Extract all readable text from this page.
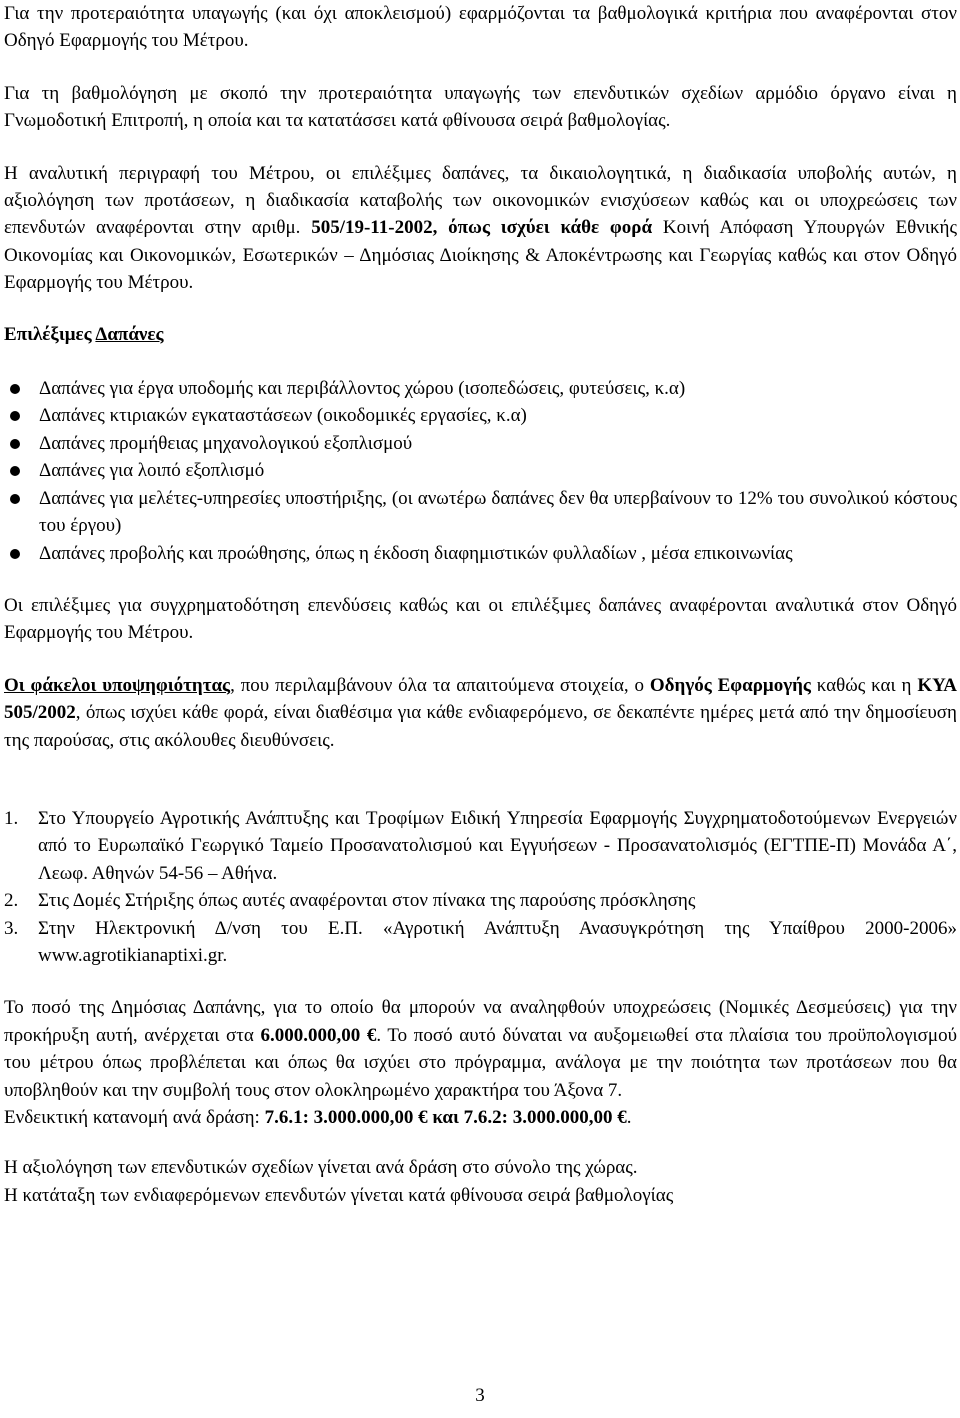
Για την προτεραιότητα υπαγωγής (και όχι αποκλεισμού) εφαρμόζονται τα βαθμολογικά κριτήρια που αναφέρονται στον Οδηγό Εφαρμογής του Μέτρου.

Για τη βαθμολόγηση με σκοπό την προτεραιότητα υπαγωγής των επενδυτικών σχεδίων αρμόδιο όργανο είναι η Γνωμοδοτική Επιτροπή, η οποία και τα κατατάσσει κατά φθίνουσα σειρά βαθμολογίας.

Η αναλυτική περιγραφή του Μέτρου, οι επιλέξιμες δαπάνες, τα δικαιολογητικά, η διαδικασία υποβολής αυτών, η αξιολόγηση των προτάσεων, η διαδικασία καταβολής των οικονομικών ενισχύσεων καθώς και οι υποχρεώσεις των επενδυτών αναφέρονται στην αριθμ. 505/19-11-2002, όπως ισχύει κάθε φορά Κοινή Απόφαση Υπουργών Εθνικής Οικονομίας και Οικονομικών, Εσωτερικών – Δημόσιας Διοίκησης & Αποκέντρωσης και Γεωργίας καθώς και στον Οδηγό Εφαρμογής του Μέτρου.

Επιλέξιμες Δαπάνες

Δαπάνες για έργα υποδομής και περιβάλλοντος χώρου (ισοπεδώσεις, φυτεύσεις, κ.α)
Δαπάνες κτιριακών εγκαταστάσεων (οικοδομικές εργασίες, κ.α)
Δαπάνες προμήθειας μηχανολογικού εξοπλισμού
Δαπάνες για λοιπό εξοπλισμό
Δαπάνες για μελέτες-υπηρεσίες υποστήριξης, (οι ανωτέρω δαπάνες δεν θα υπερβαίνουν το 12% του συνολικού κόστους του έργου)
Δαπάνες προβολής και προώθησης, όπως η έκδοση διαφημιστικών φυλλαδίων , μέσα επικοινωνίας

Οι επιλέξιμες για συγχρηματοδότηση επενδύσεις καθώς και οι επιλέξιμες δαπάνες αναφέρονται αναλυτικά στον Οδηγό Εφαρμογής του Μέτρου.

Οι φάκελοι υποψηφιότητας, που περιλαμβάνουν όλα τα απαιτούμενα στοιχεία, ο Οδηγός Εφαρμογής καθώς και η ΚΥΑ 505/2002, όπως ισχύει κάθε φορά, είναι διαθέσιμα για κάθε ενδιαφερόμενο, σε δεκαπέντε ημέρες μετά από την δημοσίευση της παρούσας, στις ακόλουθες διευθύνσεις.

1. Στο Υπουργείο Αγροτικής Ανάπτυξης και Τροφίμων Ειδική Υπηρεσία Εφαρμογής Συγχρηματοδοτούμενων Ενεργειών από το Ευρωπαϊκό Γεωργικό Ταμείο Προσανατολισμού και Εγγυήσεων - Προσανατολισμός (ΕΓΤΠΕ-Π) Μονάδα Α΄, Λεωφ. Αθηνών 54-56 – Αθήνα.
2. Στις Δομές Στήριξης όπως αυτές αναφέρονται στον πίνακα της παρούσης πρόσκλησης
3. Στην Ηλεκτρονική Δ/νση του Ε.Π. «Αγροτική Ανάπτυξη Ανασυγκρότηση της Υπαίθρου 2000-2006» www.agrotikianaptixi.gr.

Το ποσό της Δημόσιας Δαπάνης, για το οποίο θα μπορούν να αναληφθούν υποχρεώσεις (Νομικές Δεσμεύσεις) για την προκήρυξη αυτή, ανέρχεται στα 6.000.000,00 €. Το ποσό αυτό δύναται να αυξομειωθεί στα πλαίσια του προϋπολογισμού του μέτρου όπως προβλέπεται και όπως θα ισχύει στο πρόγραμμα, ανάλογα με την ποιότητα των προτάσεων που θα υποβληθούν και την συμβολή τους στον ολοκληρωμένο χαρακτήρα του Άξονα 7.

Ενδεικτική κατανομή ανά δράση: 7.6.1: 3.000.000,00 € και 7.6.2: 3.000.000,00 €.

Η αξιολόγηση των επενδυτικών σχεδίων γίνεται ανά δράση στο σύνολο της χώρας.

Η κατάταξη των ενδιαφερόμενων επενδυτών γίνεται κατά φθίνουσα σειρά βαθμολογίας

3
